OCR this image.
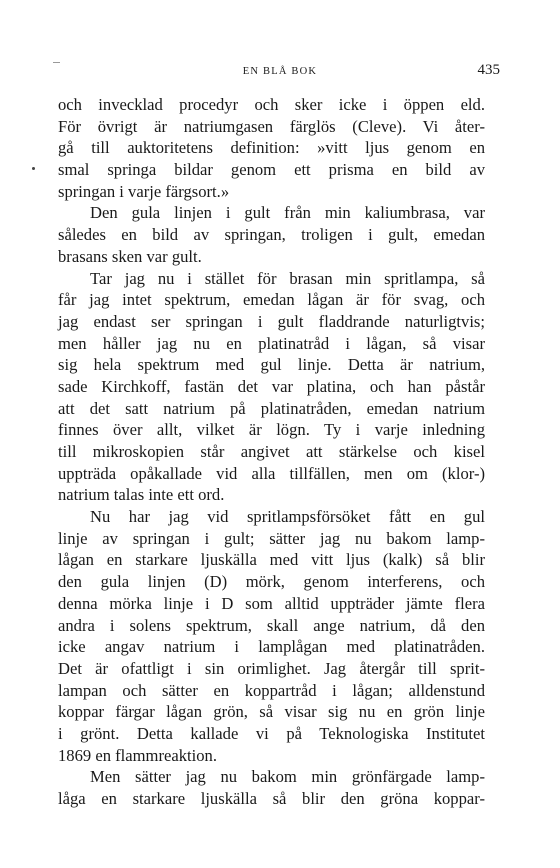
EN BLÅ BOK	435
och invecklad procedyr och sker icke i öppen eld.
För övrigt är natriumgasen färglös (Cleve). Vi åter-
gå till auktoritetens definition: »vitt ljus genom en
smal springa bildar genom ett prisma en bild av
springan i varje färgsort.»
Den gula linjen i gult från min kaliumbrasa, var
således en bild av springan, troligen i gult, emedan
brasans sken var gult.
Tar jag nu i stället för brasan min spritlampa, så
får jag intet spektrum, emedan lågan är för svag, och
jag endast ser springan i gult fladdrande naturligtvis;
men håller jag nu en platinatråd i lågan, så visar
sig hela spektrum med gul linje. Detta är natrium,
sade Kirchkoff, fastän det var platina, och han påstår
att det satt natrium på platinatråden, emedan natrium
finnes över allt, vilket är lögn. Ty i varje inledning
till mikroskopien står angivet att stärkelse och kisel
uppträda opåkallade vid alla tillfällen, men om (klor-)
natrium talas inte ett ord.
Nu har jag vid spritlampsförsöket fått en gul
linje av springan i gult; sätter jag nu bakom lamp-
lågan en starkare ljuskälla med vitt ljus (kalk) så blir
den gula linjen (D) mörk, genom interferens, och
denna mörka linje i D som alltid uppträder jämte flera
andra i solens spektrum, skall ange natrium, då den
icke angav natrium i lamplågan med platinatråden.
Det är ofattligt i sin orimlighet. Jag återgår till sprit-
lampan och sätter en koppartråd i lågan; alldenstund
koppar färgar lågan grön, så visar sig nu en grön linje
i grönt. Detta kallade vi på Teknologiska Institutet
1869 en flammreaktion.
Men sätter jag nu bakom min grönfärgade lamp-
låga en starkare ljuskälla så blir den gröna koppar-
